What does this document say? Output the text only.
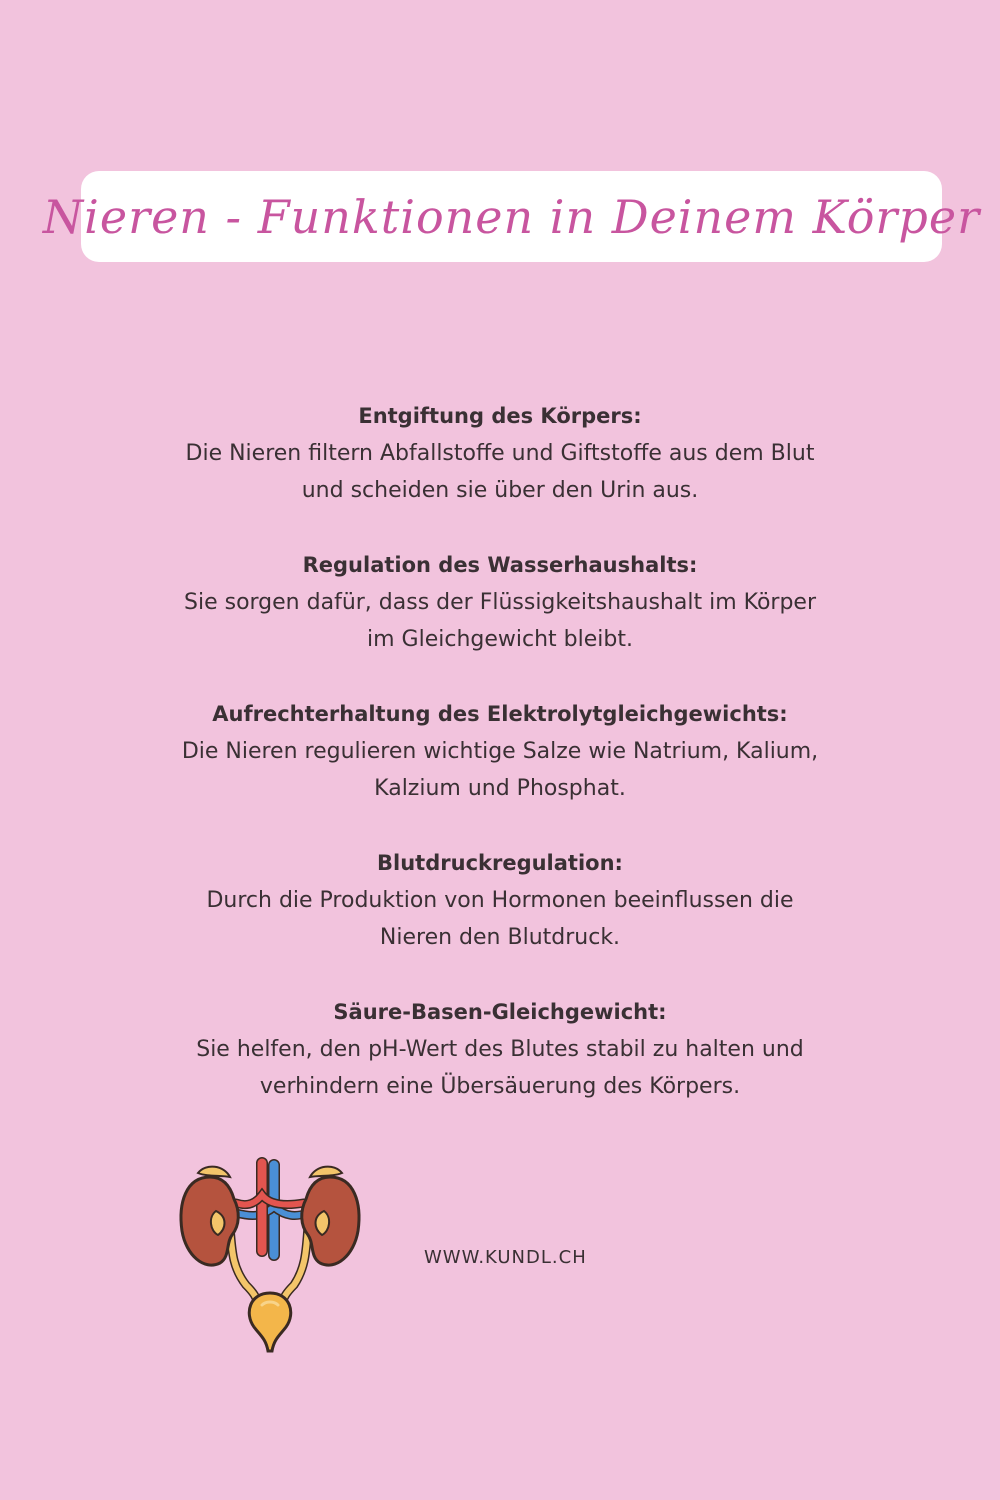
Nieren - Funktionen in Deinem Körper
Entgiftung des Körpers:

Die Nieren filtern Abfallstoffe und Giftstoffe aus dem Blut

und scheiden sie über den Urin aus.

Regulation des Wasserhaushalts:

Sie sorgen dafür, dass der Flüssigkeitshaushalt im Körper

im Gleichgewicht bleibt.

Aufrechterhaltung des Elektrolytgleichgewichts:

Die Nieren regulieren wichtige Salze wie Natrium, Kalium,

Kalzium und Phosphat.

Blutdruckregulation:

Durch die Produktion von Hormonen beeinflussen die

Nieren den Blutdruck.

Säure-Basen-Gleichgewicht:

Sie helfen, den pH-Wert des Blutes stabil zu halten und

verhindern eine Übersäuerung des Körpers.

WWW.KUNDL.CH
